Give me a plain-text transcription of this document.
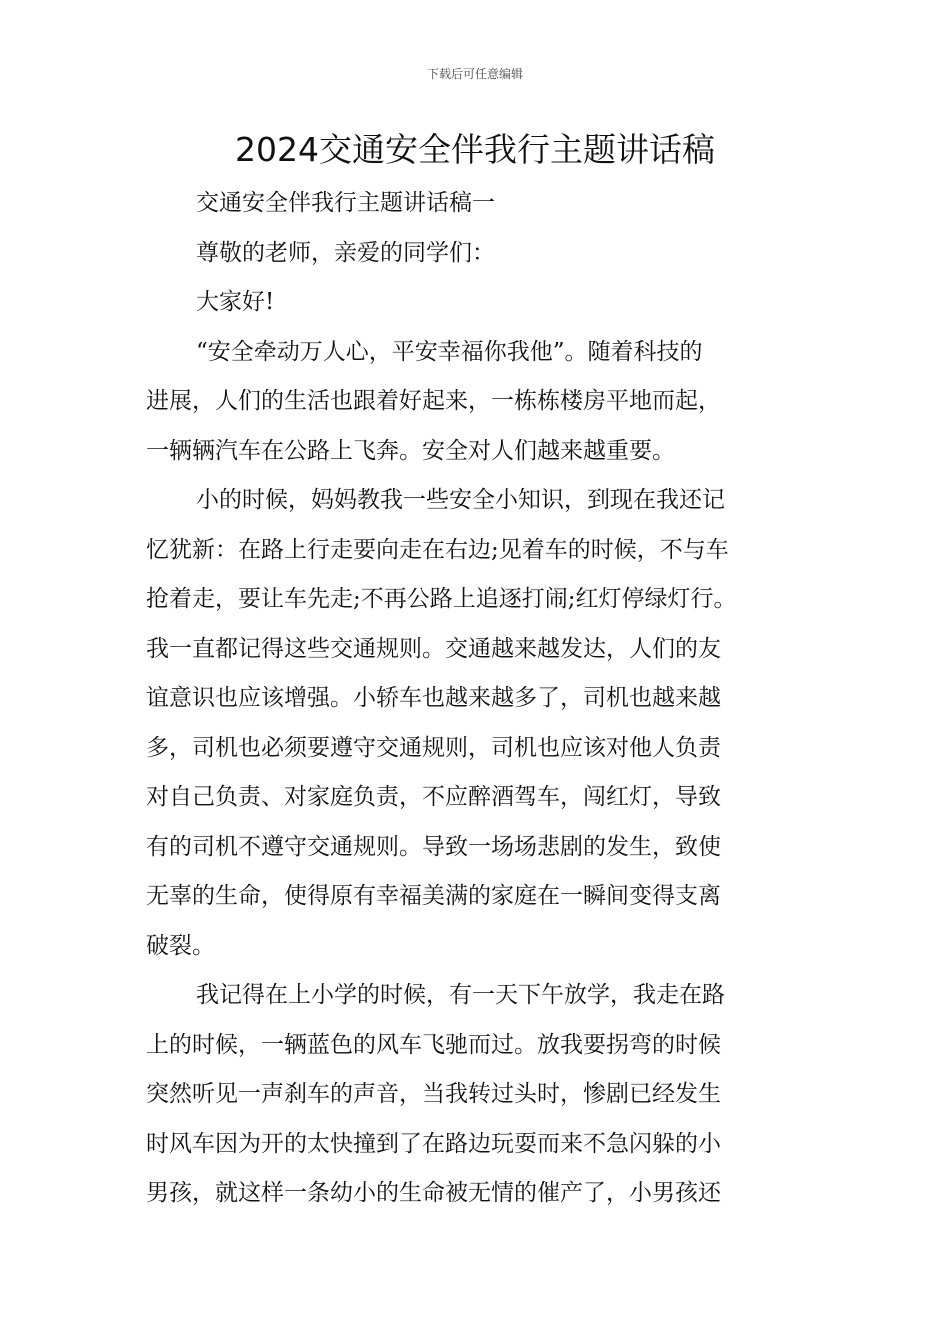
下载后可任意编辑
2024交通安全伴我行主题讲话稿
交通安全伴我行主题讲话稿一
尊敬的老师，亲爱的同学们：
大家好!
“安全牵动万人心，平安幸福你我他”。随着科技的
进展，人们的生活也跟着好起来，一栋栋楼房平地而起，
一辆辆汽车在公路上飞奔。安全对人们越来越重要。
小的时候，妈妈教我一些安全小知识，到现在我还记
忆犹新：在路上行走要向走在右边;见着车的时候，不与车
抢着走，要让车先走;不再公路上追逐打闹;红灯停绿灯行。
我一直都记得这些交通规则。交通越来越发达，人们的友
谊意识也应该增强。小轿车也越来越多了，司机也越来越
多，司机也必须要遵守交通规则，司机也应该对他人负责
对自己负责、对家庭负责，不应醉酒驾车，闯红灯，导致
有的司机不遵守交通规则。导致一场场悲剧的发生，致使
无辜的生命，使得原有幸福美满的家庭在一瞬间变得支离
破裂。
我记得在上小学的时候，有一天下午放学，我走在路
上的时候，一辆蓝色的风车飞驰而过。放我要拐弯的时候
突然听见一声刹车的声音，当我转过头时，惨剧已经发生
时风车因为开的太快撞到了在路边玩耍而来不急闪躲的小
男孩，就这样一条幼小的生命被无情的催产了，小男孩还
